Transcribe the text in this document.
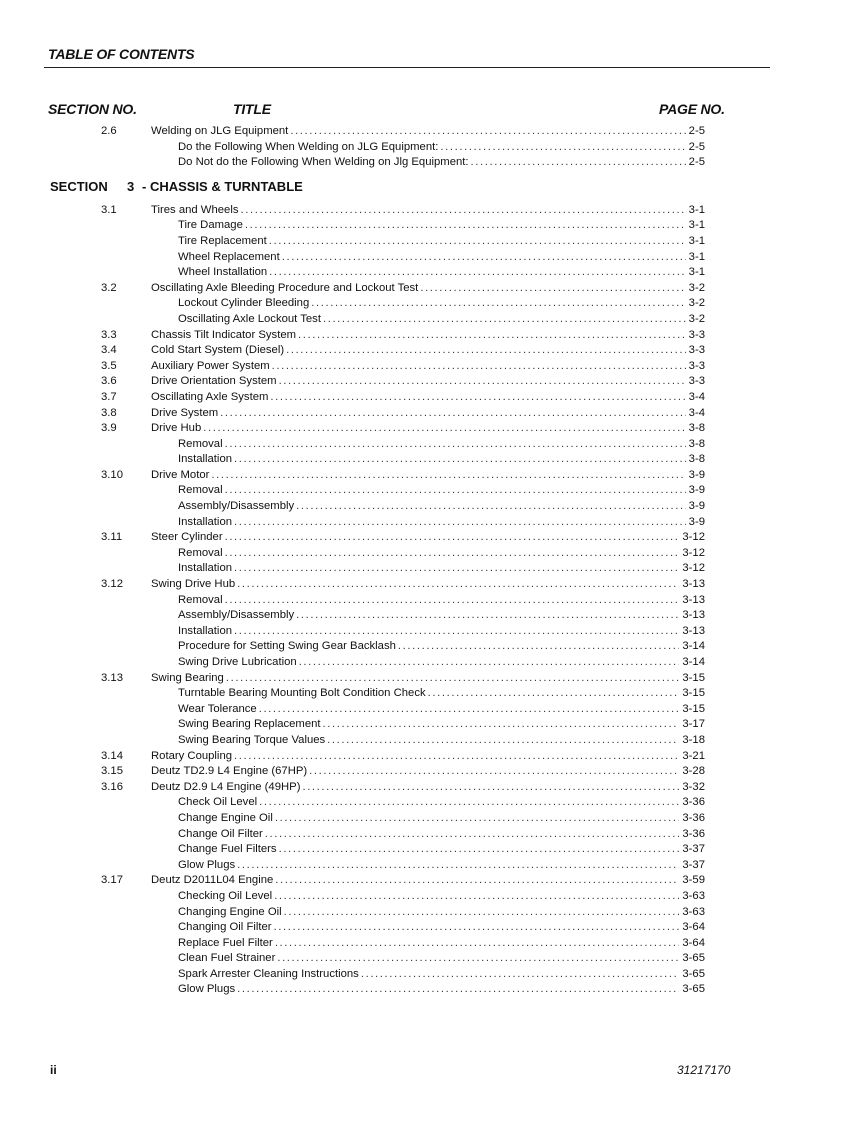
TABLE OF CONTENTS
SECTION NO.	TITLE	PAGE NO.
2.6	Welding on JLG Equipment .....	2-5
Do the Following When Welding on JLG Equipment: .....	2-5
Do Not do the Following When Welding on Jlg Equipment: .....	2-5
SECTION 3 - CHASSIS & TURNTABLE
3.1	Tires and Wheels .....	3-1
Tire Damage .....	3-1
Tire Replacement .....	3-1
Wheel Replacement .....	3-1
Wheel Installation .....	3-1
3.2	Oscillating Axle Bleeding Procedure and Lockout Test .....	3-2
Lockout Cylinder Bleeding .....	3-2
Oscillating Axle Lockout Test .....	3-2
3.3	Chassis Tilt Indicator System .....	3-3
3.4	Cold Start System (Diesel) .....	3-3
3.5	Auxiliary Power System .....	3-3
3.6	Drive Orientation System .....	3-3
3.7	Oscillating Axle System .....	3-4
3.8	Drive System .....	3-4
3.9	Drive Hub .....	3-8
Removal .....	3-8
Installation .....	3-8
3.10 Drive Motor .....	3-9
Removal .....	3-9
Assembly/Disassembly .....	3-9
Installation .....	3-9
3.11	Steer Cylinder .....	3-12
Removal .....	3-12
Installation .....	3-12
3.12 Swing Drive Hub .....	3-13
Removal .....	3-13
Assembly/Disassembly .....	3-13
Installation .....	3-13
Procedure for Setting Swing Gear Backlash .....	3-14
Swing Drive Lubrication .....	3-14
3.13 Swing Bearing .....	3-15
Turntable Bearing Mounting Bolt Condition Check .....	3-15
Wear Tolerance .....	3-15
Swing Bearing Replacement .....	3-17
Swing Bearing Torque Values .....	3-18
3.14 Rotary Coupling .....	3-21
3.15 Deutz TD2.9 L4 Engine (67HP) .....	3-28
3.16 Deutz D2.9 L4 Engine (49HP) .....	3-32
Check Oil Level .....	3-36
Change Engine Oil .....	3-36
Change Oil Filter .....	3-36
Change Fuel Filters .....	3-37
Glow Plugs .....	3-37
3.17 Deutz D2011L04 Engine .....	3-59
Checking Oil Level .....	3-63
Changing Engine Oil .....	3-63
Changing Oil Filter .....	3-64
Replace Fuel Filter .....	3-64
Clean Fuel Strainer .....	3-65
Spark Arrester Cleaning Instructions .....	3-65
Glow Plugs .....	3-65
ii	31217170
